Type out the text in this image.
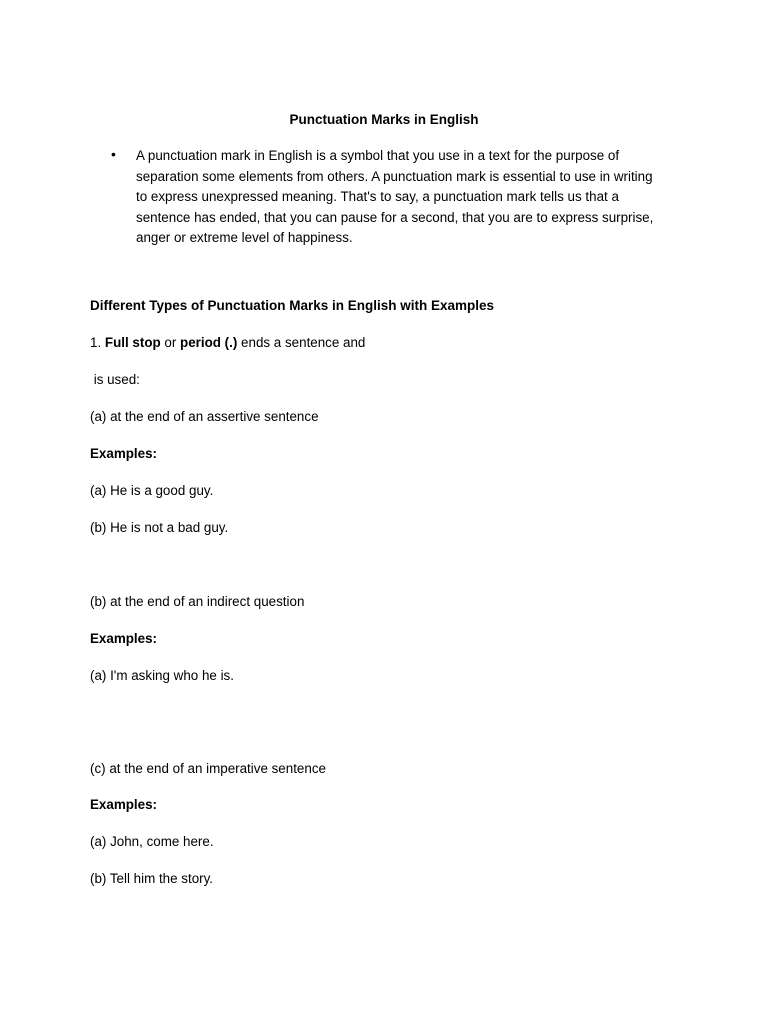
Punctuation Marks in English
• A punctuation mark in English is a symbol that you use in a text for the purpose of
separation some elements from others. A punctuation mark is essential to use in writing
to express unexpressed meaning. That's to say, a punctuation mark tells us that a
sentence has ended, that you can pause for a second, that you are to express surprise,
anger or extreme level of happiness.
Different Types of Punctuation Marks in English with Examples
1. Full stop or period (.) ends a sentence and
is used:
(a) at the end of an assertive sentence
Examples:
(a) He is a good guy.
(b) He is not a bad guy.
(b) at the end of an indirect question
Examples:
(a) I'm asking who he is.
(c) at the end of an imperative sentence
Examples:
(a) John, come here.
(b) Tell him the story.
